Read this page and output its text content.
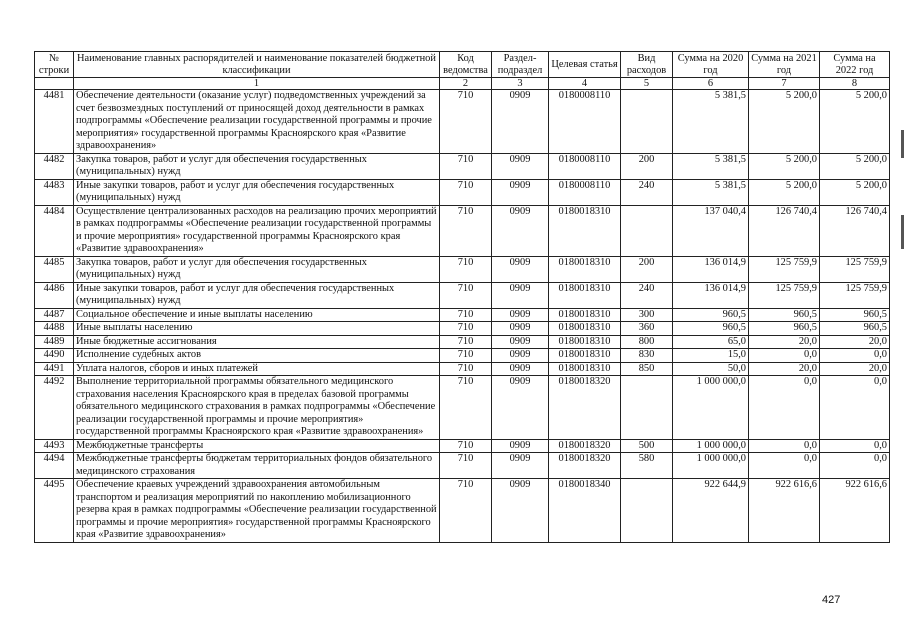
№ строки	Наименование главных распорядителей и наименование показателей бюджетной классификации	Код ведомства	Раздел-подраздел	Целевая статья	Вид расходов	Сумма на 2020 год	Сумма на 2021 год	Сумма на 2022 год
	1	2	3	4	5	6	7	8
4481	Обеспечение деятельности (оказание услуг) подведомственных учреждений за счет безвозмездных поступлений от приносящей доход деятельности в рамках подпрограммы «Обеспечение реализации государственной программы и прочие мероприятия» государственной программы Красноярского края «Развитие здравоохранения»	710	0909	0180008110		5 381,5	5 200,0	5 200,0
4482	Закупка товаров, работ и услуг для обеспечения государственных (муниципальных) нужд	710	0909	0180008110	200	5 381,5	5 200,0	5 200,0
4483	Иные закупки товаров, работ и услуг для обеспечения государственных (муниципальных) нужд	710	0909	0180008110	240	5 381,5	5 200,0	5 200,0
4484	Осуществление централизованных расходов на реализацию прочих мероприятий в рамках подпрограммы «Обеспечение реализации государственной программы и прочие мероприятия» государственной программы Красноярского края «Развитие здравоохранения»	710	0909	0180018310		137 040,4	126 740,4	126 740,4
4485	Закупка товаров, работ и услуг для обеспечения государственных (муниципальных) нужд	710	0909	0180018310	200	136 014,9	125 759,9	125 759,9
4486	Иные закупки товаров, работ и услуг для обеспечения государственных (муниципальных) нужд	710	0909	0180018310	240	136 014,9	125 759,9	125 759,9
4487	Социальное обеспечение и иные выплаты населению	710	0909	0180018310	300	960,5	960,5	960,5
4488	Иные выплаты населению	710	0909	0180018310	360	960,5	960,5	960,5
4489	Иные бюджетные ассигнования	710	0909	0180018310	800	65,0	20,0	20,0
4490	Исполнение судебных актов	710	0909	0180018310	830	15,0	0,0	0,0
4491	Уплата налогов, сборов и иных платежей	710	0909	0180018310	850	50,0	20,0	20,0
4492	Выполнение территориальной программы обязательного медицинского страхования населения Красноярского края в пределах базовой программы обязательного медицинского страхования в рамках подпрограммы «Обеспечение реализации государственной программы и прочие мероприятия» государственной программы Красноярского края «Развитие здравоохранения»	710	0909	0180018320		1 000 000,0	0,0	0,0
4493	Межбюджетные трансферты	710	0909	0180018320	500	1 000 000,0	0,0	0,0
4494	Межбюджетные трансферты бюджетам территориальных фондов обязательного медицинского страхования	710	0909	0180018320	580	1 000 000,0	0,0	0,0
4495	Обеспечение краевых учреждений здравоохранения автомобильным транспортом и реализация мероприятий по накоплению мобилизационного резерва края в рамках подпрограммы «Обеспечение реализации государственной программы и прочие мероприятия» государственной программы Красноярского края «Развитие здравоохранения»	710	0909	0180018340		922 644,9	922 616,6	922 616,6
427
